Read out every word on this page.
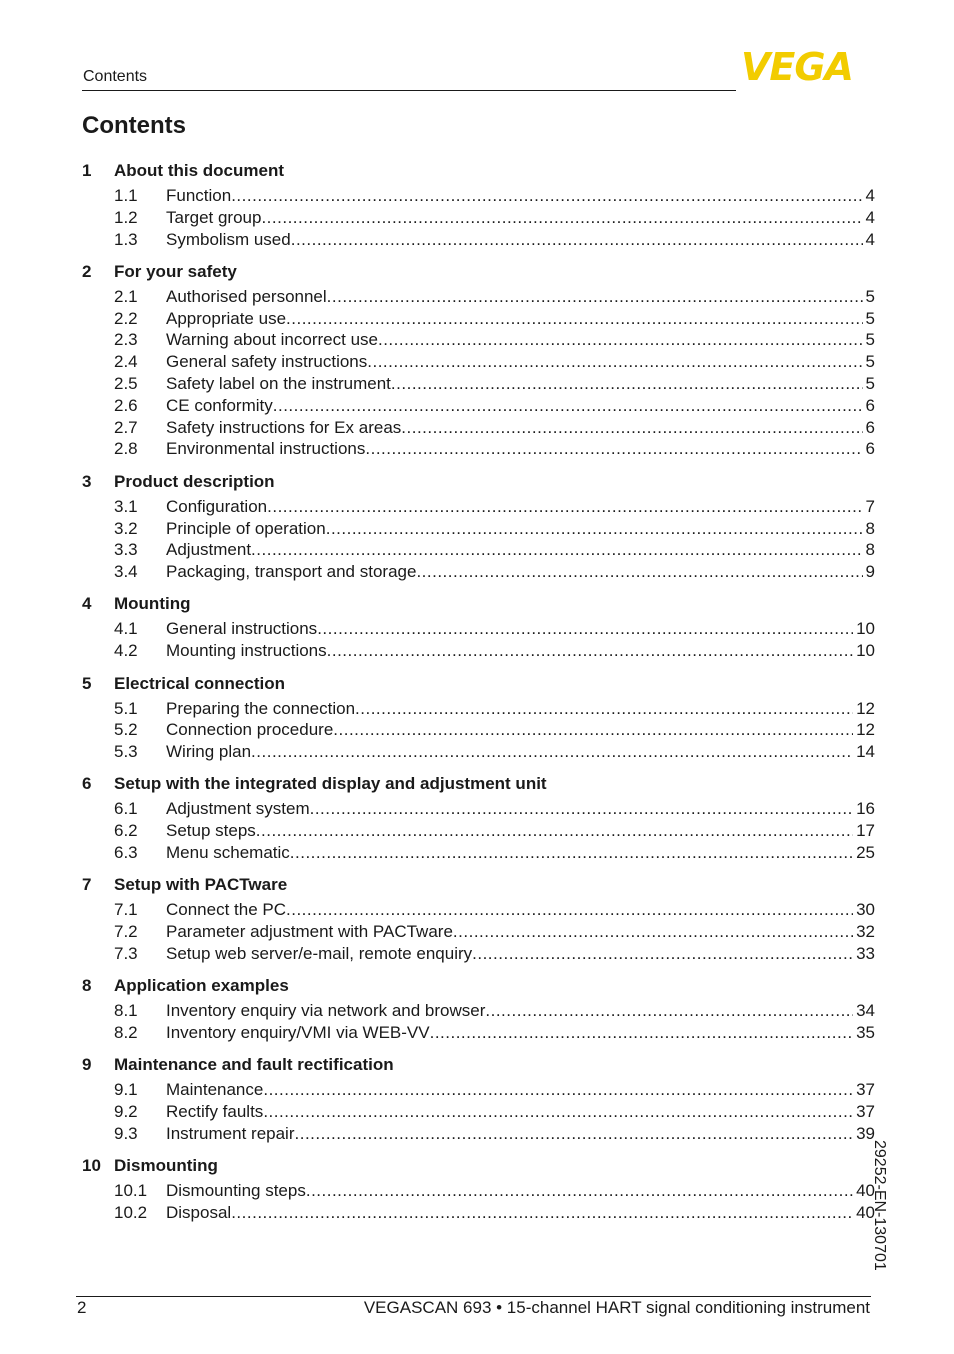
Contents	VEGA
Contents
1	About this document
1.1	Function .....	4
1.2	Target group .....	4
1.3	Symbolism used .....	4
2	For your safety
2.1	Authorised personnel .....	5
2.2	Appropriate use .....	5
2.3	Warning about incorrect use .....	5
2.4	General safety instructions .....	5
2.5	Safety label on the instrument .....	5
2.6	CE conformity .....	6
2.7	Safety instructions for Ex areas .....	6
2.8	Environmental instructions .....	6
3	Product description
3.1	Configuration .....	7
3.2	Principle of operation .....	8
3.3	Adjustment .....	8
3.4	Packaging, transport and storage .....	9
4	Mounting
4.1	General instructions .....	10
4.2	Mounting instructions .....	10
5	Electrical connection
5.1	Preparing the connection .....	12
5.2	Connection procedure .....	12
5.3	Wiring plan .....	14
6	Setup with the integrated display and adjustment unit
6.1	Adjustment system .....	16
6.2	Setup steps .....	17
6.3	Menu schematic .....	25
7	Setup with PACTware
7.1	Connect the PC .....	30
7.2	Parameter adjustment with PACTware .....	32
7.3	Setup web server/e-mail, remote enquiry .....	33
8	Application examples
8.1	Inventory enquiry via network and browser .....	34
8.2	Inventory enquiry/VMI via WEB-VV .....	35
9	Maintenance and fault rectification
9.1	Maintenance .....	37
9.2	Rectify faults .....	37
9.3	Instrument repair .....	39
10 Dismounting
10.1	Dismounting steps .....	40
10.2	Disposal .....	40
29252-EN-130701
2	VEGASCAN 693 • 15-channel HART signal conditioning instrument
